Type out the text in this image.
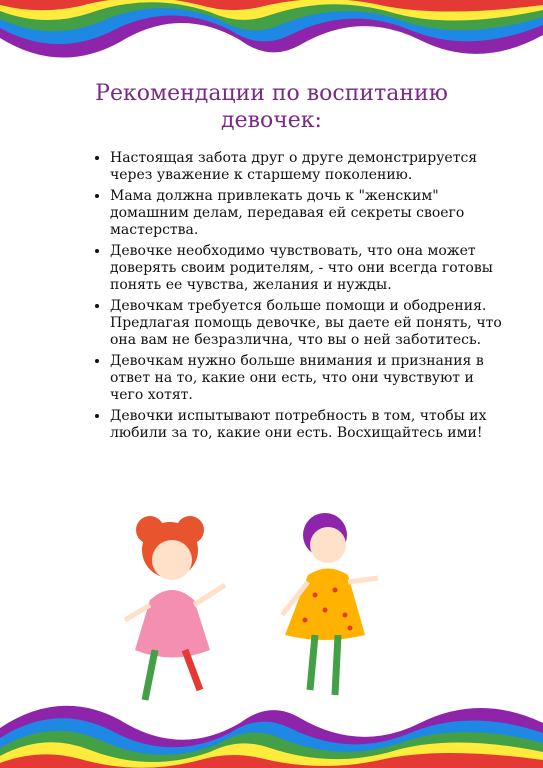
Рекомендации по воспитанию
девочек:
• Настоящая забота друг о друге демонстрируется через уважение к старшему поколению.
• Мама должна привлекать дочь к "женским" домашним делам, передавая ей секреты своего мастерства.
• Девочке необходимо чувствовать, что она может доверять своим родителям, - что они всегда готовы понять ее чувства, желания и нужды.
• Девочкам требуется больше помощи и ободрения. Предлагая помощь девочке, вы даете ей понять, что она вам не безразлична, что вы о ней заботитесь.
• Девочкам нужно больше внимания и признания в ответ на то, какие они есть, что они чувствуют и чего хотят.
• Девочки испытывают потребность в том, чтобы их любили за то, какие они есть. Восхищайтесь ими!
